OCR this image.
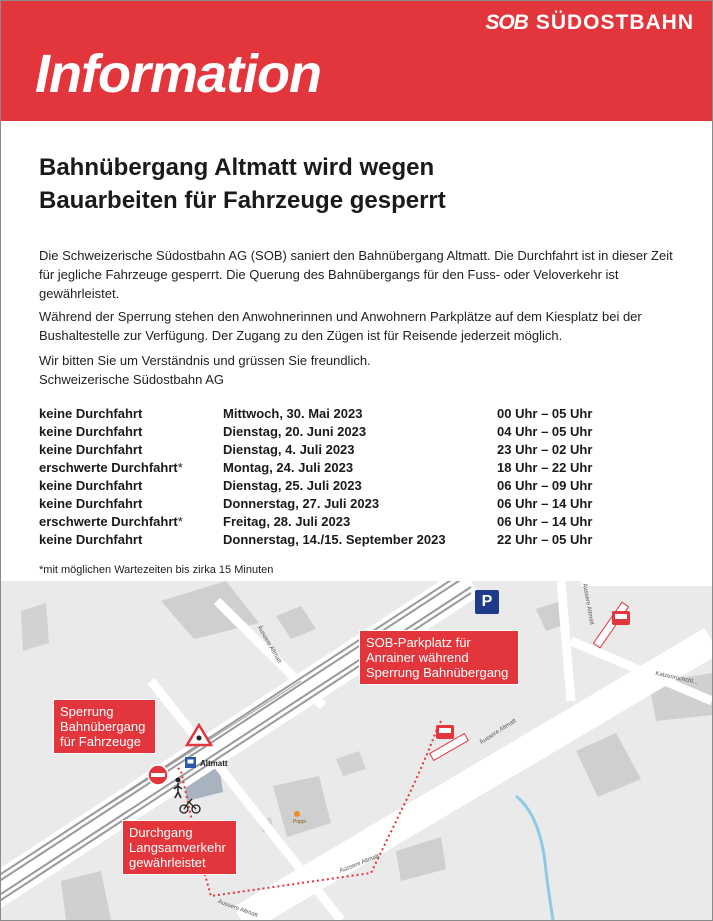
SOB SÜDOSTBAHN
Information
Bahnübergang Altmatt wird wegen
Bauarbeiten für Fahrzeuge gesperrt
Die Schweizerische Südostbahn AG (SOB) saniert den Bahnübergang Altmatt. Die Durchfahrt ist in dieser Zeit für jegliche Fahrzeuge gesperrt. Die Querung des Bahnübergangs für den Fuss- oder Veloverkehr ist gewährleistet.
Während der Sperrung stehen den Anwohnerinnen und Anwohnern Parkplätze auf dem Kiesplatz bei der Bushaltestelle zur Verfügung. Der Zugang zu den Zügen ist für Reisende jederzeit möglich.
Wir bitten Sie um Verständnis und grüssen Sie freundlich.
Schweizerische Südostbahn AG
keine Durchfahrt	Mittwoch, 30. Mai 2023	00 Uhr – 05 Uhr
keine Durchfahrt	Dienstag, 20. Juni 2023	04 Uhr – 05 Uhr
keine Durchfahrt	Dienstag, 4. Juli 2023	23 Uhr – 02 Uhr
erschwerte Durchfahrt*	Montag, 24. Juli 2023	18 Uhr – 22 Uhr
keine Durchfahrt	Dienstag, 25. Juli 2023	06 Uhr – 09 Uhr
keine Durchfahrt	Donnerstag, 27. Juli 2023	06 Uhr – 14 Uhr
erschwerte Durchfahrt*	Freitag, 28. Juli 2023	06 Uhr – 14 Uhr
keine Durchfahrt	Donnerstag, 14./15. September 2023	22 Uhr – 05 Uhr
*mit möglichen Wartezeiten bis zirka 15 Minuten
Äussere Altmatt
Äussere Altmatt
Äussere Altmatt
Äussere Altmatt
Äussere Altmatt
Katzenrüchcht...
Altmatt
Poppi
P
SOB-Parkplatz für
Anrainer während
Sperrung Bahnübergang
Sperrung
Bahnübergang
für Fahrzeuge
Durchgang
Langsamverkehr
gewährleistet
